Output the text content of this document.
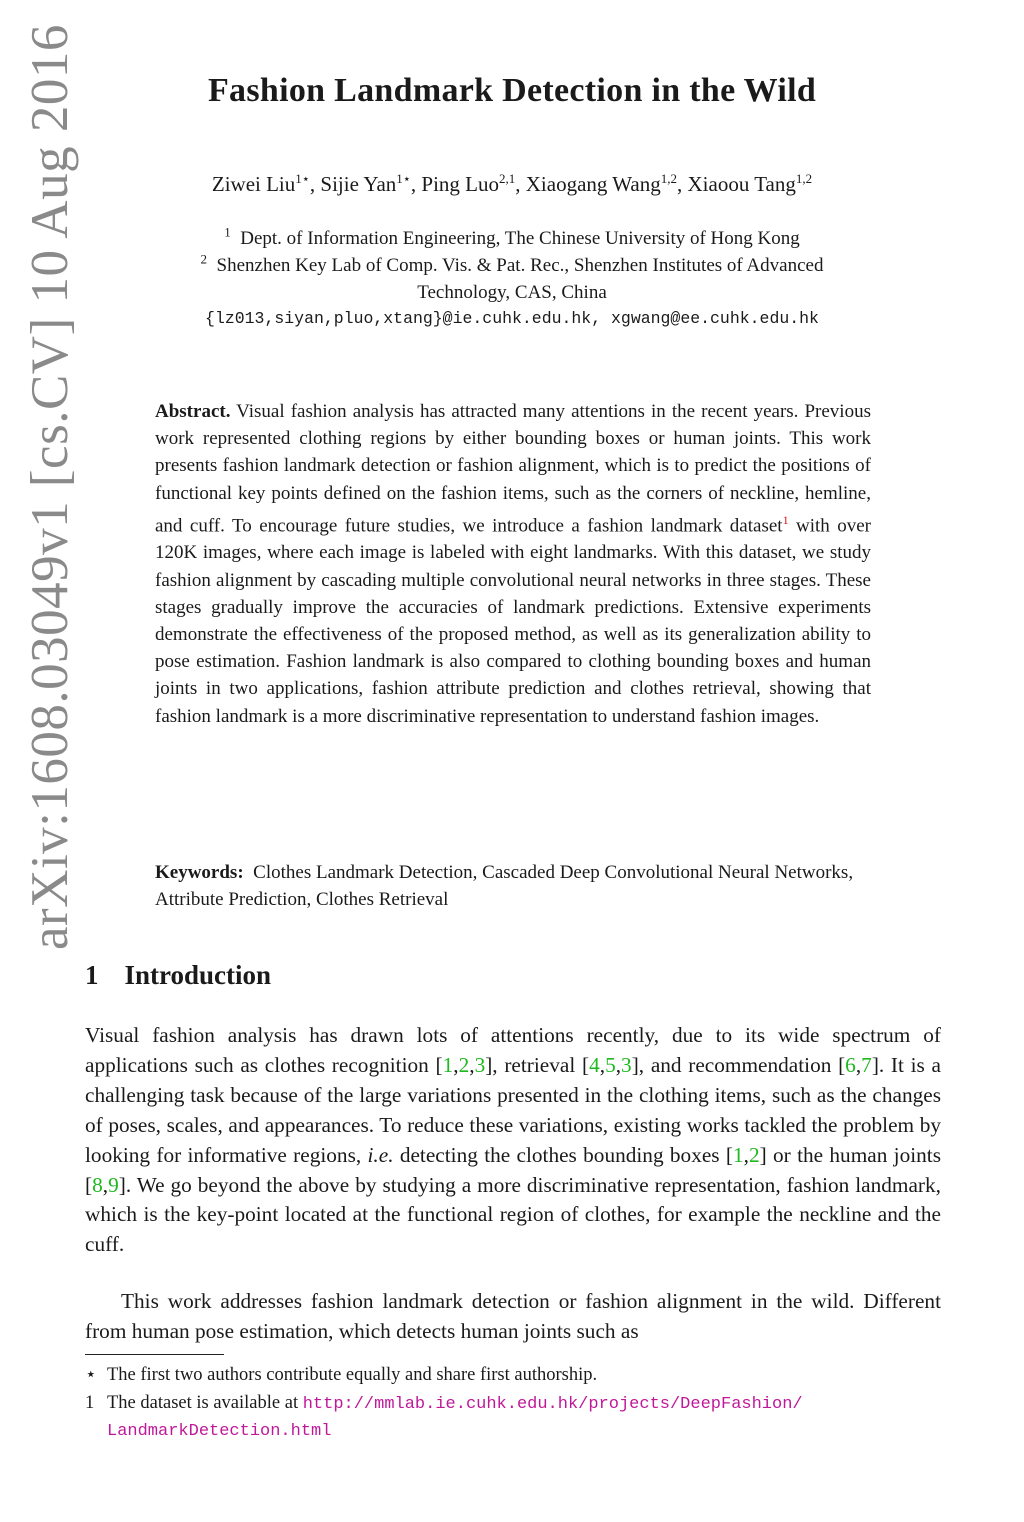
arXiv:1608.03049v1 [cs.CV] 10 Aug 2016	Fashion Landmark Detection in the Wild
Ziwei Liu$^{1⋆}$, Sijie Yan$^{1⋆}$, Ping Luo$^{2,1}$, Xiaogang Wang$^{1,2}$, Xiaoou Tang$^{1,2}$
$^1$ Dept. of Information Engineering, The Chinese University of Hong Kong
$^2$ Shenzhen Key Lab of Comp. Vis. & Pat. Rec., Shenzhen Institutes of Advanced
Technology, CAS, China
{lz013,siyan,pluo,xtang}@ie.cuhk.edu.hk, xgwang@ee.cuhk.edu.hk
Abstract. Visual fashion analysis has attracted many attentions in the recent years. Previous work represented clothing regions by either bounding boxes or human joints. This work presents fashion landmark detection or fashion alignment, which is to predict the positions of functional key points defined on the fashion items, such as the corners of neckline, hemline, and cuff. To encourage future studies, we introduce a fashion landmark dataset$^1$ with over 120K images, where each image is labeled with eight landmarks. With this dataset, we study fashion alignment by cascading multiple convolutional neural networks in three stages. These stages gradually improve the accuracies of landmark predictions. Extensive experiments demonstrate the effectiveness of the proposed method, as well as its generalization ability to pose estimation. Fashion landmark is also compared to clothing bounding boxes and human joints in two applications, fashion attribute prediction and clothes retrieval, showing that fashion landmark is a more discriminative representation to understand fashion images.
Keywords: Clothes Landmark Detection, Cascaded Deep Convolutional Neural Networks, Attribute Prediction, Clothes Retrieval
1 Introduction
Visual fashion analysis has drawn lots of attentions recently, due to its wide spectrum of applications such as clothes recognition [1,2,3], retrieval [4,5,3], and recommendation [6,7]. It is a challenging task because of the large variations presented in the clothing items, such as the changes of poses, scales, and appearances. To reduce these variations, existing works tackled the problem by looking for informative regions, i.e. detecting the clothes bounding boxes [1,2] or the human joints [8,9]. We go beyond the above by studying a more discriminative representation, fashion landmark, which is the key-point located at the functional region of clothes, for example the neckline and the cuff.
This work addresses fashion landmark detection or fashion alignment in the wild. Different from human pose estimation, which detects human joints such as
⋆ The first two authors contribute equally and share first authorship.
1 The dataset is available at http://mmlab.ie.cuhk.edu.hk/projects/DeepFashion/
LandmarkDetection.html
